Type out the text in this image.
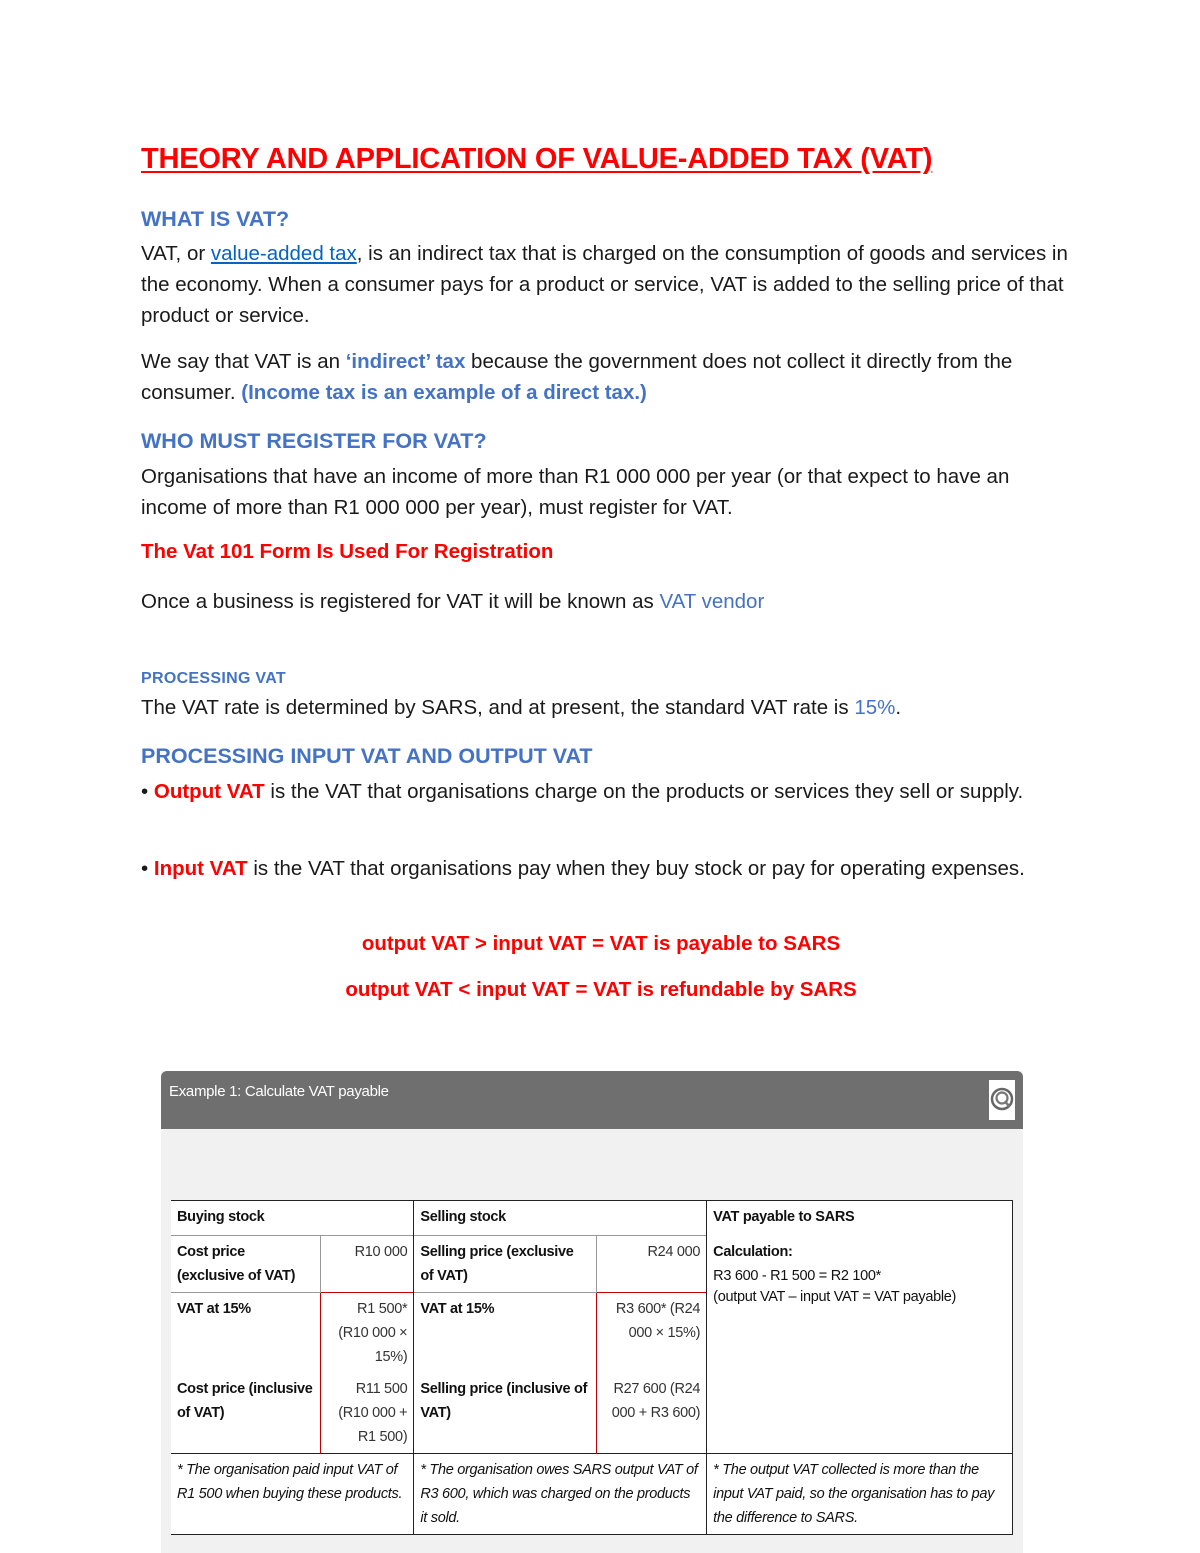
THEORY AND APPLICATION OF VALUE-ADDED TAX (VAT)
WHAT IS VAT?
VAT, or value-added tax, is an indirect tax that is charged on the consumption of goods and services in the economy. When a consumer pays for a product or service, VAT is added to the selling price of that product or service.
We say that VAT is an ‘indirect’ tax because the government does not collect it directly from the consumer. (Income tax is an example of a direct tax.)
WHO MUST REGISTER FOR VAT?
Organisations that have an income of more than R1 000 000 per year (or that expect to have an income of more than R1 000 000 per year), must register for VAT.
The Vat 101 Form Is Used For Registration
Once a business is registered for VAT it will be known as VAT vendor
PROCESSING VAT
The VAT rate is determined by SARS, and at present, the standard VAT rate is 15%.
PROCESSING INPUT VAT AND OUTPUT VAT
• Output VAT is the VAT that organisations charge on the products or services they sell or supply.
• Input VAT is the VAT that organisations pay when they buy stock or pay for operating expenses.
output VAT > input VAT = VAT is payable to SARS
output VAT < input VAT = VAT is refundable by SARS
Example 1: Calculate VAT payable
Buying stock		Selling stock		VAT payable to SARS
Cost price (exclusive of VAT)	R10 000	Selling price (exclusive of VAT)	R24 000	Calculation:
R3 600 - R1 500 = R2 100*
(output VAT – input VAT = VAT payable)

VAT at 15%	R1 500* (R10 000 × 15%)	VAT at 15%	R3 600* (R24 000 × 15%)	
Cost price (inclusive of VAT)	R11 500 (R10 000 + R1 500)	Selling price (inclusive of VAT)	R27 600 (R24 000 + R3 600)	
* The organisation paid input VAT of R1 500 when buying these products.		* The organisation owes SARS output VAT of R3 600, which was charged on the products it sold.		* The output VAT collected is more than the input VAT paid, so the organisation has to pay the difference to SARS.
